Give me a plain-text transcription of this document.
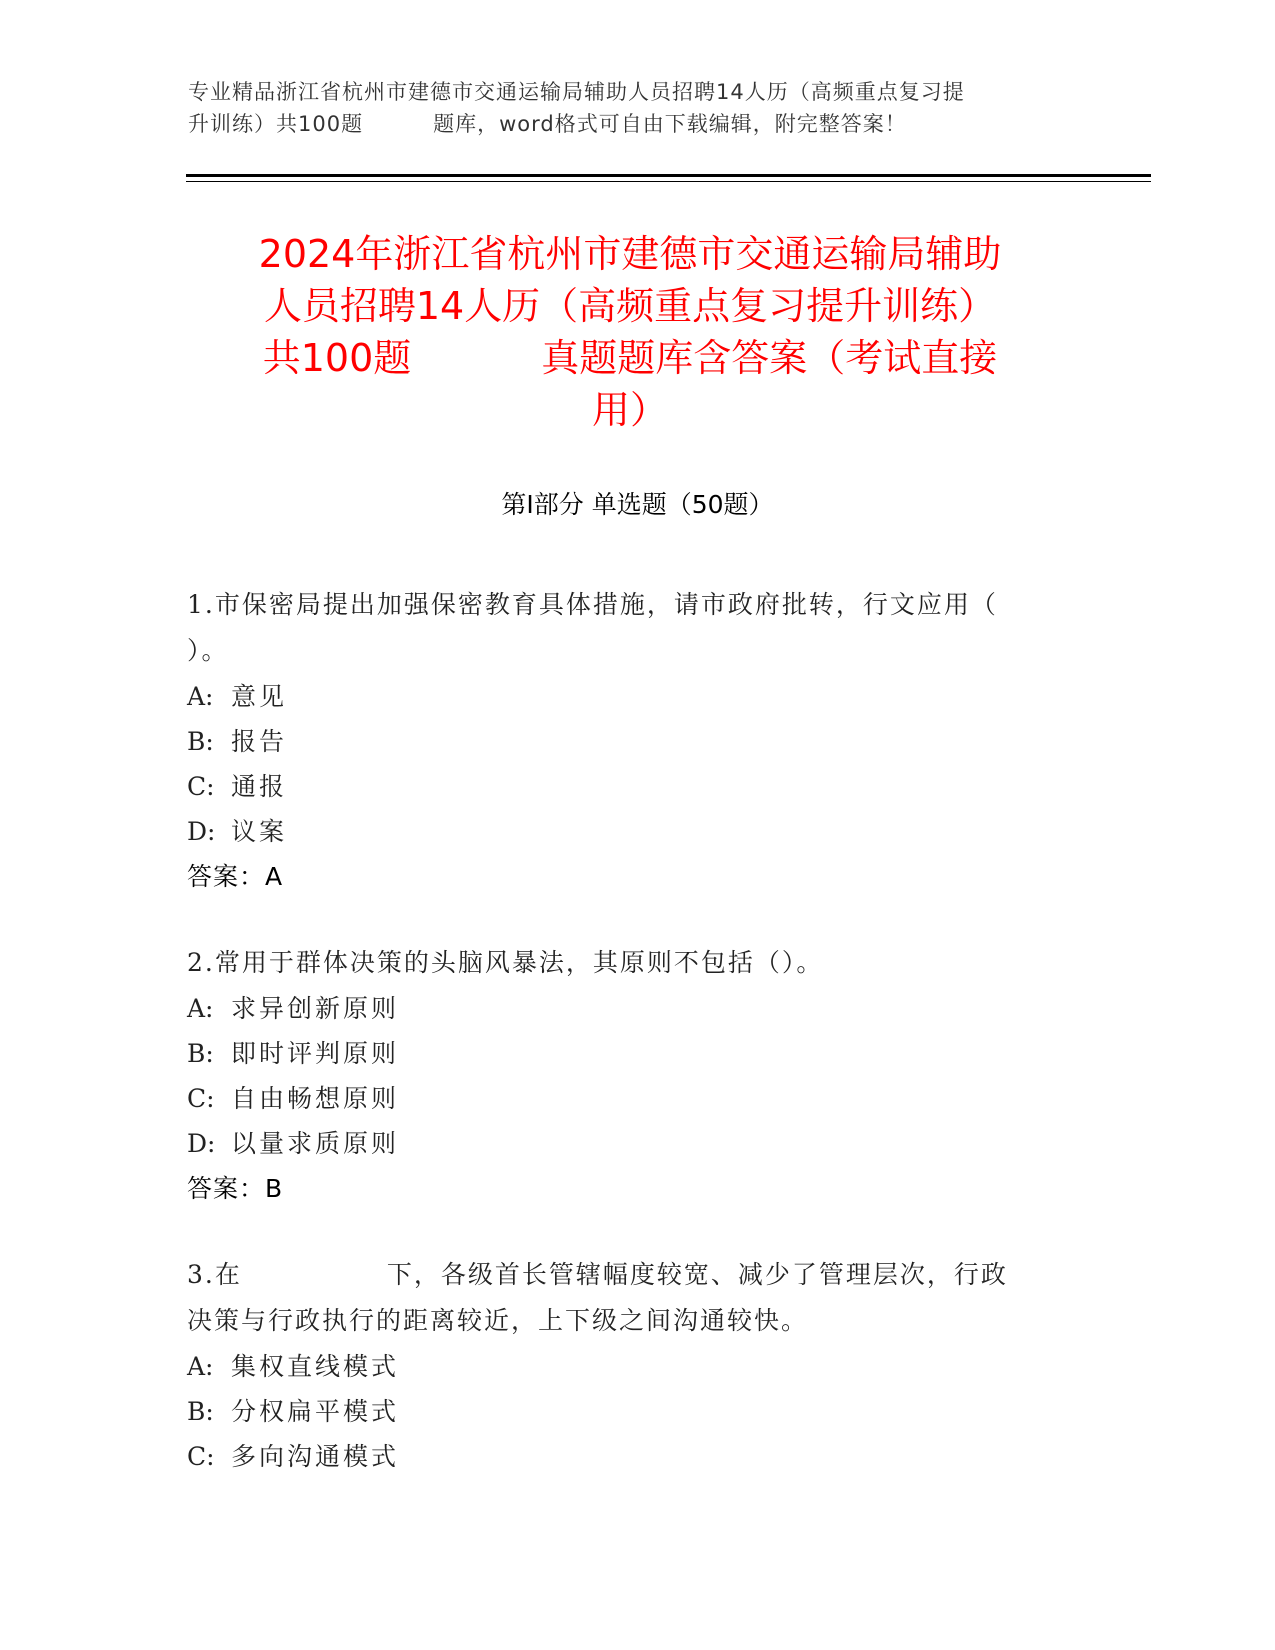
专业精品浙江省杭州市建德市交通运输局辅助人员招聘14人历（高频重点复习提
升训练）共100题	题库，word格式可自由下载编辑，附完整答案！
2024年浙江省杭州市建德市交通运输局辅助
人员招聘14人历（高频重点复习提升训练）
共100题	真题题库含答案（考试直接
用）
第I部分 单选题（50题）
1.市保密局提出加强保密教育具体措施，请市政府批转，行文应用（
）。
A: 意见
B: 报告
C: 通报
D: 议案
答案：A
2.常用于群体决策的头脑风暴法，其原则不包括（）。
A: 求异创新原则
B: 即时评判原则
C: 自由畅想原则
D: 以量求质原则
答案：B
3.在	下，各级首长管辖幅度较宽、减少了管理层次，行政
决策与行政执行的距离较近，上下级之间沟通较快。
A: 集权直线模式
B: 分权扁平模式
C: 多向沟通模式
